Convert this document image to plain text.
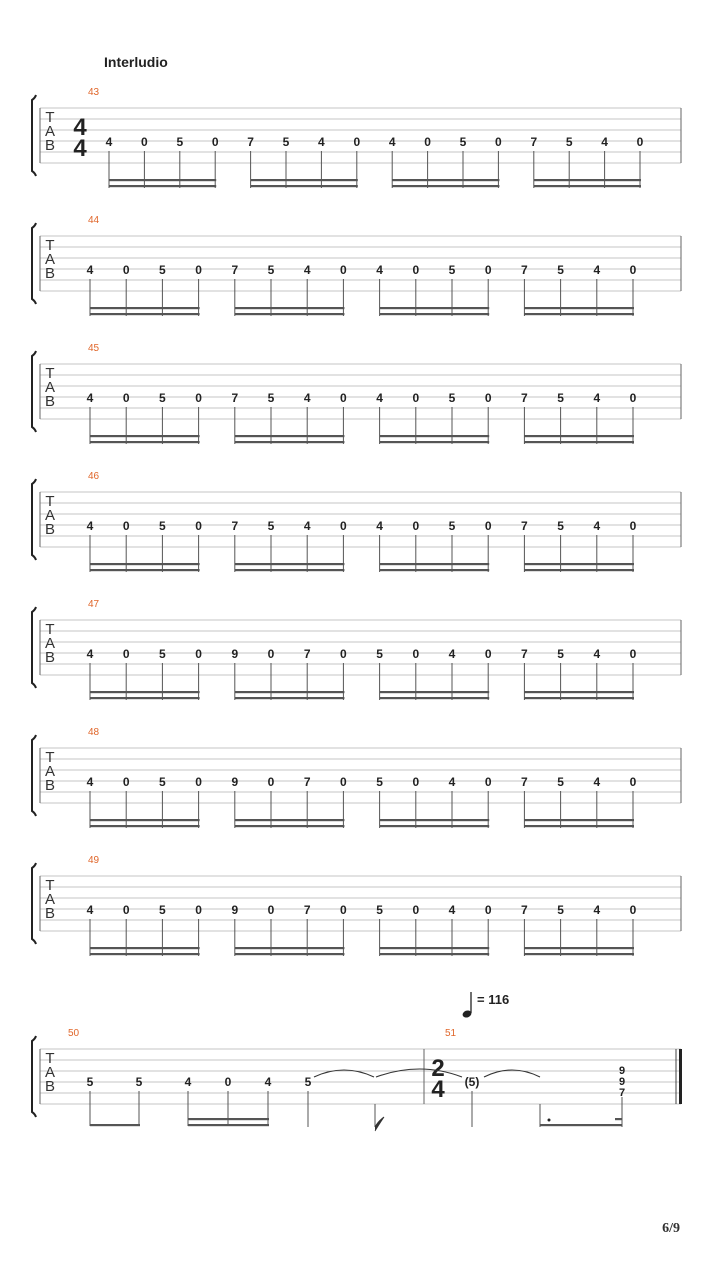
Interludio
6/9
T
A
B
43
4
4 4 0 5 0 7 5 4 0 4 0 5 0 7 5 4 0
T
A
B
44
4 0 5 0 7 5 4 0 4 0 5 0 7 5 4 0
T
A
B
45
4 0 5 0 7 5 4 0 4 0 5 0 7 5 4 0
T
A
B
46
4 0 5 0 7 5 4 0 4 0 5 0 7 5 4 0
T
A
B
47
4 0 5 0 9 0 7 0 5 0 4 0 7 5 4 0
T
A
B
48
4 0 5 0 9 0 7 0 5 0 4 0 7 5 4 0
T
A
B
49
4 0 5 0 9 0 7 0 5 0 4 0 7 5 4 0
T
A
B
50	51
2
4
5	5	4	0	4	5	(5)
9
9
7
= 116
